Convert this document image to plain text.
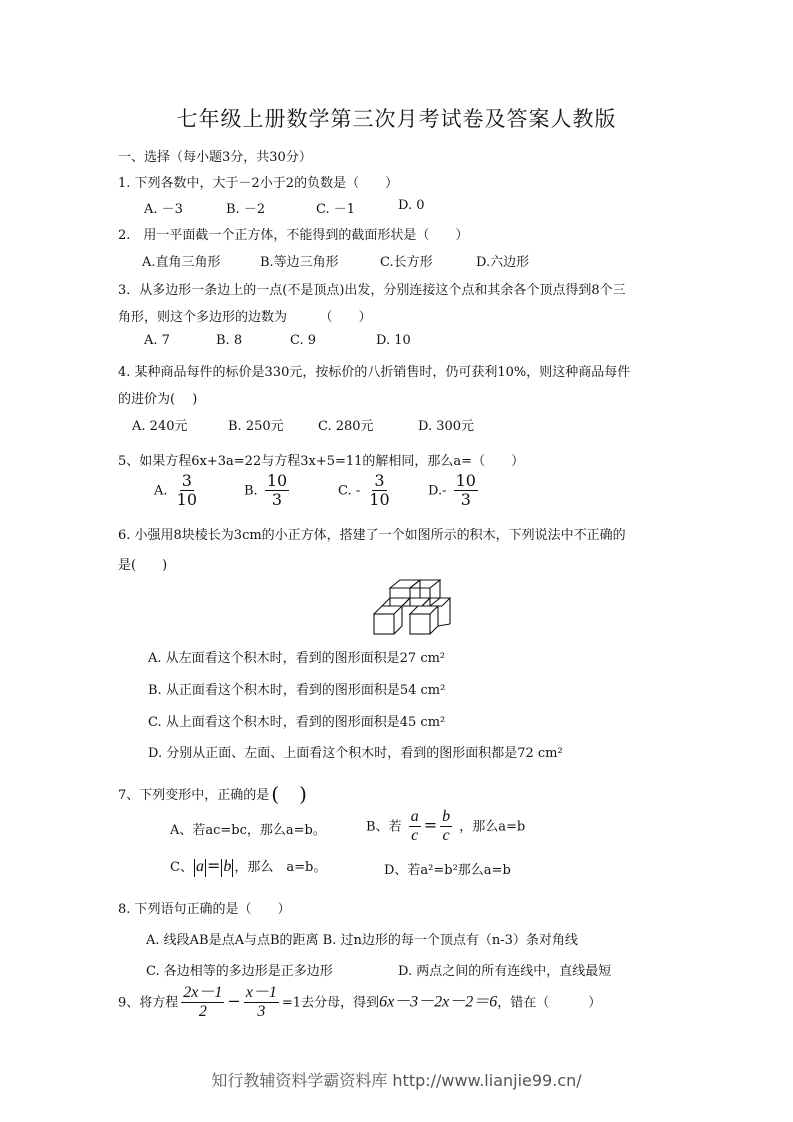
七年级上册数学第三次月考试卷及答案人教版
一、选择（每小题3分，共30分）
1. 下列各数中，大于－2小于2的负数是（　　）
A. －3	B. －2	C. －1	D. 0
2.　用一平面截一个正方体，不能得到的截面形状是（　　）
A.直角三角形	B.等边三角形	C.长方形	D.六边形
3．从多边形一条边上的一点(不是顶点)出发，分别连接这个点和其余各个顶点得到8个三
角形，则这个多边形的边数为　　　（　　）
A. 7	B. 8	C. 9	D. 10
4. 某种商品每件的标价是330元，按标价的八折销售时，仍可获利10%，则这种商品每件
的进价为(　 )
A. 240元	B. 250元	C. 280元	D. 300元
5、如果方程6x+3a=22与方程3x+5=11的解相同，那么a=（　　）
A. $\frac{3}{10}$	B. $\frac{10}{3}$	C. - $\frac{3}{10}$	$D.- \frac{10}{3}$
6. 小强用8块棱长为3cm的小正方体，搭建了一个如图所示的积木，下列说法中不正确的
是(　　)
A. 从左面看这个积木时，看到的图形面积是27 cm²
B. 从正面看这个积木时，看到的图形面积是54 cm²
C. 从上面看这个积木时，看到的图形面积是45 cm²
D. 分别从正面、左面、上面看这个积木时，看到的图形面积都是72 cm²
7、下列变形中，正确的是 (　)
A、若ac=bc，那么a=b。	B、若 $\frac{a}{c} = \frac{b}{c}$ ，那么a=b
C、 a = b ，那么　a=b。	D、若a²=b²那么a=b
8. 下列语句正确的是（　　）
A. 线段AB是点A与点B的距离 B. 过n边形的每一个顶点有（n-3）条对角线
C. 各边相等的多边形是正多边形	D. 两点之间的所有连线中，直线最短
9、将方程 $\frac{2x-1}{2} - \frac{x-1}{3} =1$去分母，得到6x－3－2x－2＝6，错在（　　　）
知行教辅资料学霸资料库 http://www.lianjie99.cn/
